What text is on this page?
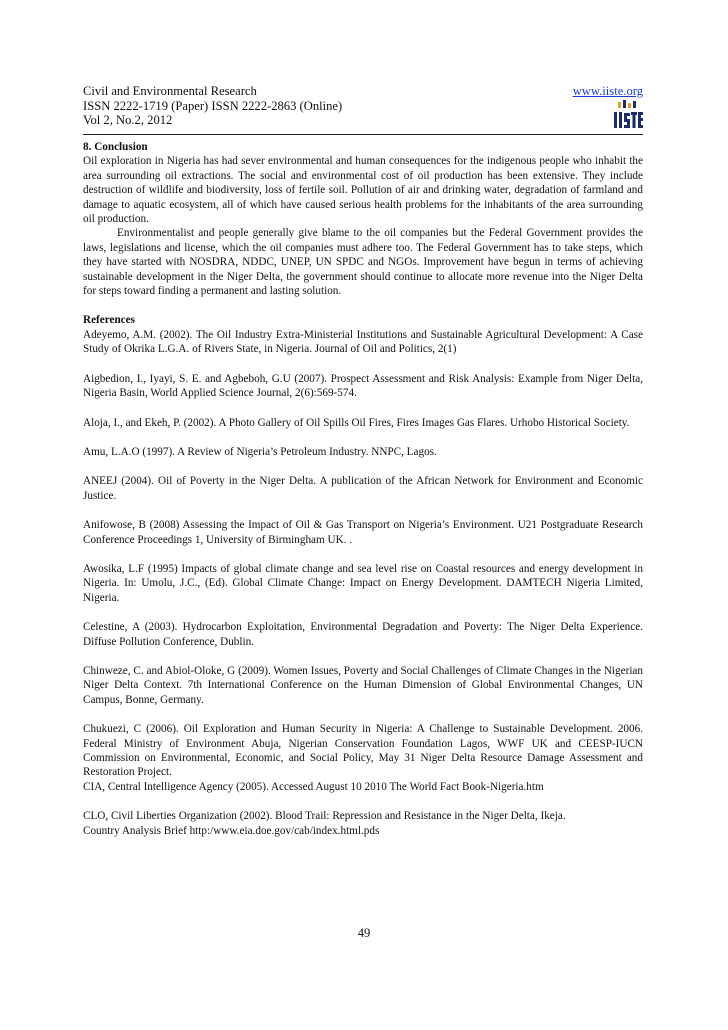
Civil and Environmental Research
ISSN 2222-1719 (Paper) ISSN 2222-2863 (Online)
Vol 2, No.2, 2012
www.iiste.org
8. Conclusion

Oil exploration in Nigeria has had sever environmental and human consequences for the indigenous people who inhabit the area surrounding oil extractions. The social and environmental cost of oil production has been extensive. They include destruction of wildlife and biodiversity, loss of fertile soil. Pollution of air and drinking water, degradation of farmland and damage to aquatic ecosystem, all of which have caused serious health problems for the inhabitants of the area surrounding oil production.

Environmentalist and people generally give blame to the oil companies but the Federal Government provides the laws, legislations and license, which the oil companies must adhere too. The Federal Government has to take steps, which they have started with NOSDRA, NDDC, UNEP, UN SPDC and NGOs. Improvement have begun in terms of achieving sustainable development in the Niger Delta, the government should continue to allocate more revenue into the Niger Delta for steps toward finding a permanent and lasting solution.

References

Adeyemo, A.M. (2002). The Oil Industry Extra-Ministerial Institutions and Sustainable Agricultural Development: A Case Study of Okrika L.G.A. of Rivers State, in Nigeria. Journal of Oil and Politics, 2(1)

Aigbedion, I., Iyayi, S. E. and Agbeboh, G.U (2007). Prospect Assessment and Risk Analysis: Example from Niger Delta, Nigeria Basin, World Applied Science Journal, 2(6):569-574.

Aloja, I., and Ekeh, P. (2002). A Photo Gallery of Oil Spills Oil Fires, Fires Images Gas Flares. Urhobo Historical Society.

Amu, L.A.O (1997). A Review of Nigeria’s Petroleum Industry. NNPC, Lagos.

ANEEJ (2004). Oil of Poverty in the Niger Delta. A publication of the African Network for Environment and Economic Justice.

Anifowose, B (2008) Assessing the Impact of Oil & Gas Transport on Nigeria’s Environment. U21 Postgraduate Research Conference Proceedings 1, University of Birmingham UK. .

Awosika, L.F (1995) Impacts of global climate change and sea level rise on Coastal resources and energy development in Nigeria. In: Umolu, J.C., (Ed). Global Climate Change: Impact on Energy Development. DAMTECH Nigeria Limited, Nigeria.

Celestine, A (2003). Hydrocarbon Exploitation, Environmental Degradation and Poverty: The Niger Delta Experience. Diffuse Pollution Conference, Dublin.

Chinweze, C. and Abiol-Oloke, G (2009). Women Issues, Poverty and Social Challenges of Climate Changes in the Nigerian Niger Delta Context. 7th International Conference on the Human Dimension of Global Environmental Changes, UN Campus, Bonne, Germany.

Chukuezi, C (2006). Oil Exploration and Human Security in Nigeria: A Challenge to Sustainable Development. 2006. Federal Ministry of Environment Abuja, Nigerian Conservation Foundation Lagos, WWF UK and CEESP-IUCN Commission on Environmental, Economic, and Social Policy, May 31 Niger Delta Resource Damage Assessment and Restoration Project.

CIA, Central Intelligence Agency (2005). Accessed August 10 2010 The World Fact Book-Nigeria.htm

CLO, Civil Liberties Organization (2002). Blood Trail: Repression and Resistance in the Niger Delta, Ikeja.

Country Analysis Brief http:/www.eia.doe.gov/cab/index.html.pds

49
